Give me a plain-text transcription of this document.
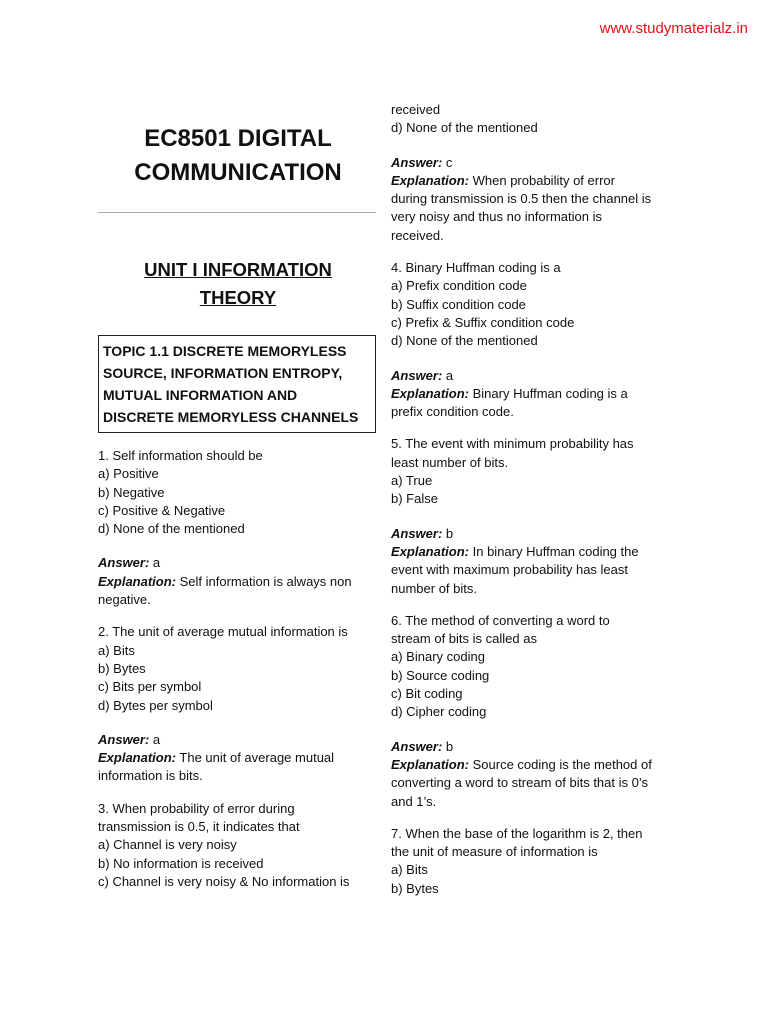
www.studymaterialz.in
EC8501 DIGITAL
COMMUNICATION
UNIT I INFORMATION
THEORY
TOPIC 1.1 DISCRETE MEMORYLESS SOURCE, INFORMATION ENTROPY, MUTUAL INFORMATION AND DISCRETE MEMORYLESS CHANNELS
1. Self information should be
a) Positive
b) Negative
c) Positive & Negative
d) None of the mentioned
Answer: a
Explanation: Self information is always non
negative.
2. The unit of average mutual information is
a) Bits
b) Bytes
c) Bits per symbol
d) Bytes per symbol
Answer: a
Explanation: The unit of average mutual
information is bits.
3. When probability of error during
transmission is 0.5, it indicates that
a) Channel is very noisy
b) No information is received
c) Channel is very noisy & No information is
received
d) None of the mentioned
Answer: c
Explanation: When probability of error
during transmission is 0.5 then the channel is
very noisy and thus no information is
received.
4. Binary Huffman coding is a
a) Prefix condition code
b) Suffix condition code
c) Prefix & Suffix condition code
d) None of the mentioned
Answer: a
Explanation: Binary Huffman coding is a
prefix condition code.
5. The event with minimum probability has
least number of bits.
a) True
b) False
Answer: b
Explanation: In binary Huffman coding the
event with maximum probability has least
number of bits.
6. The method of converting a word to
stream of bits is called as
a) Binary coding
b) Source coding
c) Bit coding
d) Cipher coding
Answer: b
Explanation: Source coding is the method of
converting a word to stream of bits that is 0’s
and 1’s.
7. When the base of the logarithm is 2, then
the unit of measure of information is
a) Bits
b) Bytes
